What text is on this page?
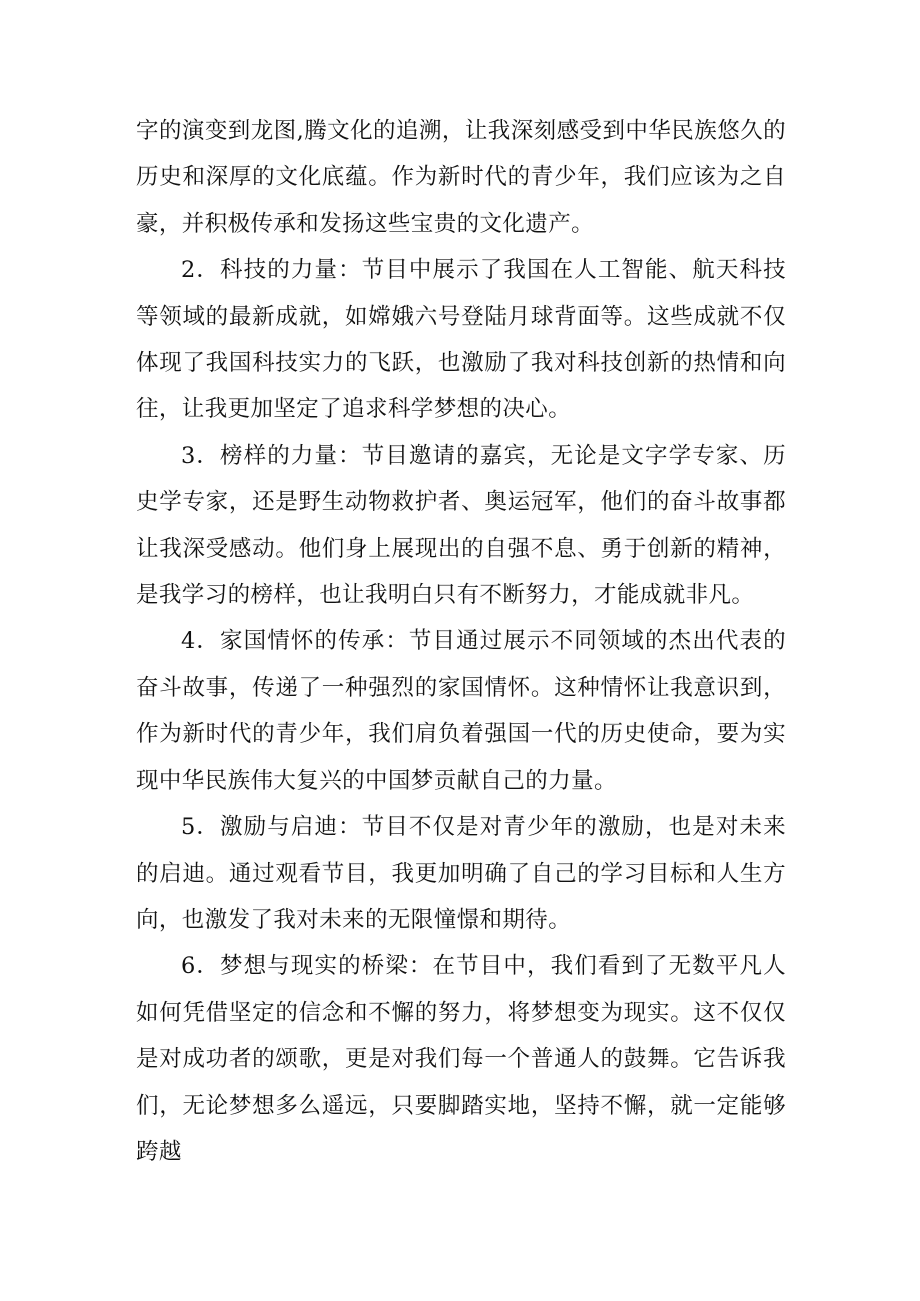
字的演变到龙图,腾文化的追溯，让我深刻感受到中华民族悠久的历史和深厚的文化底蕴。作为新时代的青少年，我们应该为之自豪，并积极传承和发扬这些宝贵的文化遗产。

2．科技的力量：节目中展示了我国在人工智能、航天科技等领域的最新成就，如嫦娥六号登陆月球背面等。这些成就不仅体现了我国科技实力的飞跃，也激励了我对科技创新的热情和向往，让我更加坚定了追求科学梦想的决心。

3．榜样的力量：节目邀请的嘉宾，无论是文字学专家、历史学专家，还是野生动物救护者、奥运冠军，他们的奋斗故事都让我深受感动。他们身上展现出的自强不息、勇于创新的精神，是我学习的榜样，也让我明白只有不断努力，才能成就非凡。

4．家国情怀的传承：节目通过展示不同领域的杰出代表的奋斗故事，传递了一种强烈的家国情怀。这种情怀让我意识到，作为新时代的青少年，我们肩负着强国一代的历史使命，要为实现中华民族伟大复兴的中国梦贡献自己的力量。

5．激励与启迪：节目不仅是对青少年的激励，也是对未来的启迪。通过观看节目，我更加明确了自己的学习目标和人生方向，也激发了我对未来的无限憧憬和期待。

6．梦想与现实的桥梁：在节目中，我们看到了无数平凡人如何凭借坚定的信念和不懈的努力，将梦想变为现实。这不仅仅是对成功者的颂歌，更是对我们每一个普通人的鼓舞。它告诉我们，无论梦想多么遥远，只要脚踏实地，坚持不懈，就一定能够跨越
